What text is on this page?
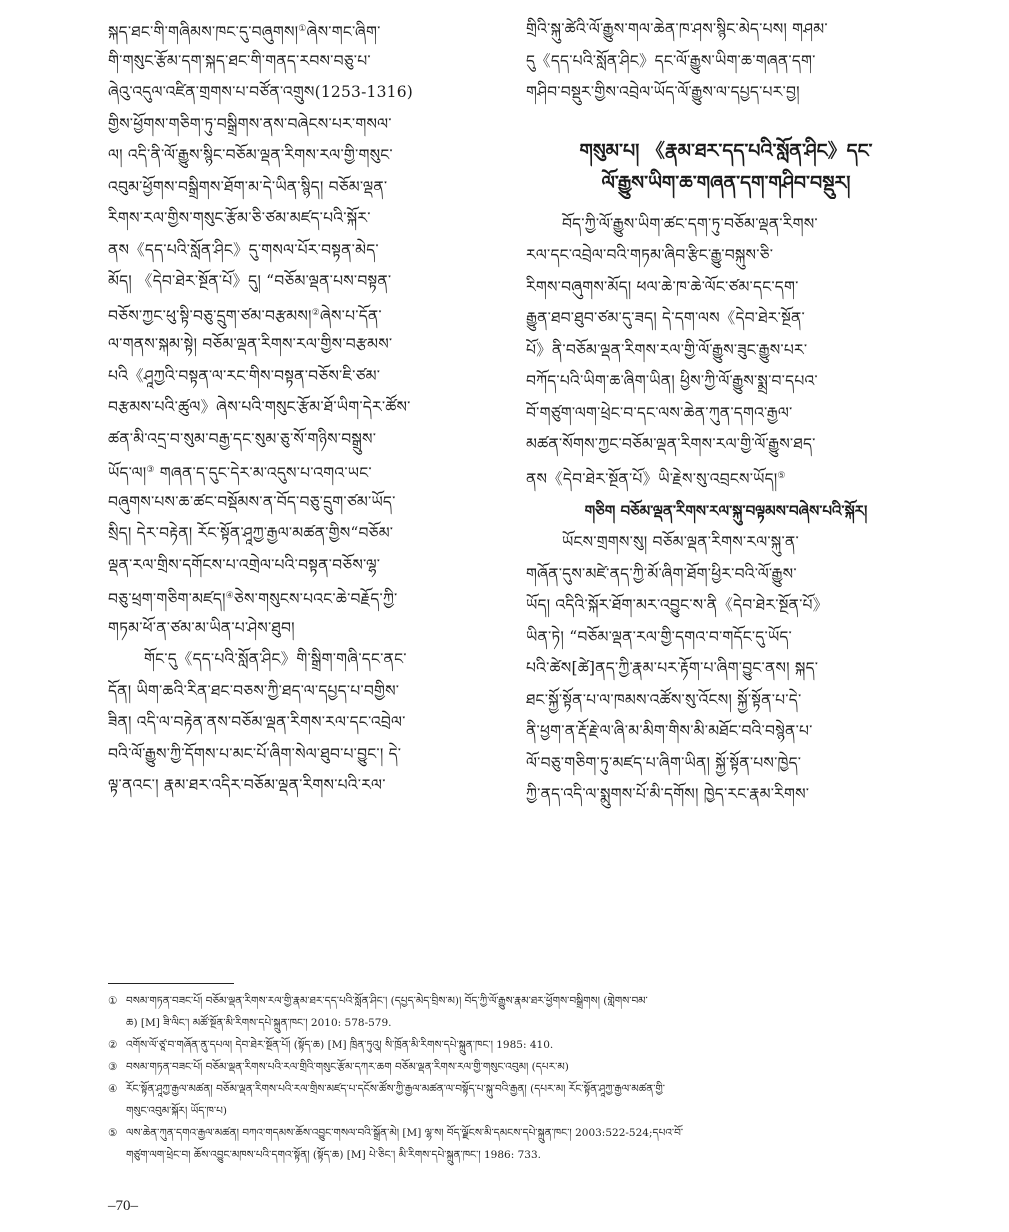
སྐད་ཐང་གི་གཞིམས་ཁང་དུ་བཞུགས།①ཞེས་གང་ཞིག་
གི་གསུང་རྩོམ་དག་སྐད་ཐང་གི་གནད་རབས་བཅུ་པ་
ཞེའུ་འདུལ་འཛིན་གྲགས་པ་བཙོན་འགྲུས(1253-1316)
གྱིས་ཕྱོགས་གཅིག་ཏུ་བསྒྲིགས་ནས་བཞེངས་པར་གསལ་
ལ། འདི་ནི་ལོ་རྒྱུས་སྙིང་བཅོམ་ལྡན་རིགས་རལ་གྱི་གསུང་
འབུམ་ཕྱོགས་བསྒྲིགས་ཐོག་མ་དེ་ཡིན་སྙིད། བཅོམ་ལྡན་
རིགས་རལ་གྱིས་གསུང་རྩོམ་ཅི་ཙམ་མཛད་པའི་སྐོར་
ནས《དད་པའི་སློན་ཤིང》དུ་གསལ་པོར་བསྟན་མེད་
མོད། 《དེབ་ཐེར་སྔོན་པོ》དུ། “བཅོམ་ལྡན་པས་བསྟན་
བཅོས་ཀྱང་ཕུ་སྟི་བཅུ་དྲུག་ཙམ་བརྩམས།②ཞེས་པ་དོན་
ལ་གནས་སྐམ་སྟེ། བཅོམ་ལྡན་རིགས་རལ་གྱིས་བརྩམས་
པའི《ཤཱཀྱའི་བསྟན་ལ་རང་གིས་བསྟན་བཅོས་ཇི་ཙམ་
བརྩམས་པའི་ཚུལ》ཞེས་པའི་གསུང་རྩོམ་ཐོ་ཡིག་དེར་ཚོས་
ཚན་མི་འདྲ་བ་སུམ་བརྒྱ་དང་སུམ་ཅུ་སོ་གཉིས་བསྒྲུས་
ཡོད་ལ།③ གཞན་ད་དུང་དེར་མ་འདུས་པ་འགའ་ཡང་
བཞུགས་པས་ཆ་ཚང་བསྡོམས་ན་བོད་བཅུ་དྲུག་ཙམ་ཡོད་
སྲིད། དེར་བརྟེན། རོང་སྟོན་ཤཱཀྱ་རྒྱལ་མཚན་གྱིས“བཅོམ་
ལྡན་རལ་གྲིས་དགོངས་པ་འགྲེལ་པའི་བསྟན་བཅོས་ལྷ་
བཅུ་ཕྲག་གཅིག་མཛད།④ཅེས་གསུངས་པའང་ཆེ་བརྗོད་ཀྱི་
གཏམ་ཕོ་ན་ཙམ་མ་ཡིན་པ་ཤེས་ཐུབ།
གོང་དུ《དད་པའི་སློན་ཤིང》གི་སྒྲིག་གཞི་དང་ནང་
དོན། ཡིག་ཆའི་རིན་ཐང་བཅས་ཀྱི་ཐད་ལ་དཔྱད་པ་བགྱིས་
ཟིན། འདི་ལ་བརྟེན་ནས་བཅོམ་ལྡན་རིགས་རལ་དང་འབྲེལ་
བའི་ལོ་རྒྱུས་ཀྱི་དོགས་པ་མང་པོ་ཞིག་སེལ་ཐུབ་པ་བྱུང་། དེ་
ལྟ་ནའང་། རྣམ་ཐར་འདིར་བཅོམ་ལྡན་རིགས་པའི་རལ་
གྲིའི་སྐུ་ཚེའི་ལོ་རྒྱུས་གལ་ཆེན་ཁ་ཤས་སྙིང་མེད་པས། གཤམ་
དུ《དད་པའི་སློན་ཤིང》དང་ལོ་རྒྱུས་ཡིག་ཆ་གཞན་དག་
གཤིབ་བསྡུར་གྱིས་འབྲེལ་ཡོད་ལོ་རྒྱུས་ལ་དཔྱད་པར་བྱ།
གསུམ་པ། 《རྣམ་ཐར་དད་པའི་སློན་ཤིང》དང་
ལོ་རྒྱུས་ཡིག་ཆ་གཞན་དག་གཤིབ་བསྡུར།
བོད་ཀྱི་ལོ་རྒྱུས་ཡིག་ཚང་དག་ཏུ་བཅོམ་ལྡན་རིགས་
རལ་དང་འབྲེལ་བའི་གཏམ་ཞིབ་རྩིང་རྒྱུ་བསྐུས་ཅི་
རིགས་བཞུགས་མོད། ཕལ་ཆེ་ཁ་ཆེ་ལོང་ཙམ་དང་དག་
རྒྱུན་ཐབ་ཐུབ་ཙམ་དུ་ཟད། དེ་དག་ལས《དེབ་ཐེར་སྔོན་
པོ》ནི་བཅོམ་ལྡན་རིགས་རལ་གྱི་ལོ་རྒྱུས་ཟུང་རྒྱུས་པར་
བཀོད་པའི་ཡིག་ཆ་ཞིག་ཡིན། ཕྱིས་ཀྱི་ལོ་རྒྱུས་སྨྲ་བ་དཔའ་
བོ་གཙུག་ལག་ཕྲེང་བ་དང་ལས་ཆེན་ཀུན་དགའ་རྒྱལ་
མཚན་སོགས་ཀྱང་བཅོམ་ལྡན་རིགས་རལ་གྱི་ལོ་རྒྱུས་ཐད་
ནས《དེབ་ཐེར་སྔོན་པོ》ཡི་རྗེས་སུ་འབྲངས་ཡོད།⑤
གཅིག བཅོམ་ལྡན་རིགས་རལ་སྐུ་བལྟམས་བཞེས་པའི་སྐོར།
ཡོངས་གྲགས་སུ། བཅོམ་ལྡན་རིགས་རལ་སྐུ་ན་
གཞོན་དུས་མཛེ་ནད་ཀྱི་མོ་ཞིག་ཐོག་ཕྱིར་བའི་ལོ་རྒྱུས་
ཡོད། འདིའི་སྐོར་ཐོག་མར་འབྱུང་ས་ནི《དེབ་ཐེར་སྔོན་པོ》
ཡིན་ཏེ། “བཅོམ་ལྡན་རལ་གྱི་དགའ་བ་གདོང་དུ་ཡོད་
པའི་ཚེས[ཚེ]ནད་ཀྱི་རྣམ་པར་རྟོག་པ་ཞིག་བྱུང་ནས། སྐད་
ཐང་སྐྱོ་སྟོན་པ་ལ་ཁམས་འཚོས་སུ་འོངས། སྐྱོ་སྟོན་པ་དེ་
ནི་ཕྱག་ན་རྡོ་རྗེ་ལ་ཞི་མ་མིག་གིས་མི་མཐོང་བའི་བསྙེན་པ་
ལོ་བཅུ་གཅིག་ཏུ་མཛད་པ་ཞིག་ཡིན། སྐྱོ་སྟོན་པས་ཁྱེད་
ཀྱི་ནད་འདི་ལ་སྨུགས་པོ་མི་དགོས། ཁྱེད་རང་རྣམ་རིགས་
① བསམ་གཏན་བཟང་པོ། བཅོམ་ལྡན་རིགས་རལ་གྱི་རྣམ་ཐར་དད་པའི་སློན་ཤིང་། (དཔྱད་མེད་བྲིས་མ)། བོད་ཀྱི་ལོ་རྒྱུས་རྣམ་ཐར་ཕྱོགས་བསྒྲིགས། (གླེགས་བམ་
ཆ) [M] ཟི་ལིང་། མཚོ་སྔོན་མི་རིགས་དཔེ་སྐྲུན་ཁང་། 2010: 578-579.
② འགོས་ལོ་ཙཱ་བ་གཞོན་ནུ་དཔལ། དེབ་ཐེར་སྔོན་པོ། (སྟོད་ཆ) [M] ཁྲིན་ཏུའུ། སི་ཁྲོན་མི་རིགས་དཔེ་སྐྲུན་ཁང་། 1985: 410.
③ བསམ་གཏན་བཟང་པོ། བཅོམ་ལྡན་རིགས་པའི་རལ་གྲིའི་གསུང་རྩོམ་དཀར་ཆག བཅོམ་ལྡན་རིགས་རལ་གྱི་གསུང་འབུམ། (དཔར་མ)
④ རོང་སྟོན་ཤཱཀྱ་རྒྱལ་མཚན། བཅོམ་ལྡན་རིགས་པའི་རལ་གྲིས་མཛད་པ་དངོས་ཚོས་ཀྱི་རྒྱལ་མཚན་ལ་བསྟོད་པ་སྐུ་བའི་རྒྱན། (དཔར་མ། རོང་སྟོན་ཤཱཀྱ་རྒྱལ་མཚན་གྱི་
གསུང་འབུམ་སྐོར། ཡོད་ཁ་པ)
⑤ ལས་ཆེན་ཀུན་དགའ་རྒྱལ་མཚན། བཀའ་གདམས་ཆོས་འབྱུང་གསལ་བའི་སྒྲོན་མེ། [M] ལྷ་ས། བོད་ལྗོངས་མི་དམངས་དཔེ་སྐྲུན་ཁང་། 2003:522-524;དཔའ་བོ་
གཙུག་ལག་ཕྲེང་བ། ཆོས་འབྱུང་མཁས་པའི་དགའ་སྟོན། (སྟོད་ཆ) [M] པེ་ཅིང་། མི་རིགས་དཔེ་སྐྲུན་ཁང་། 1986: 733.
–70–
